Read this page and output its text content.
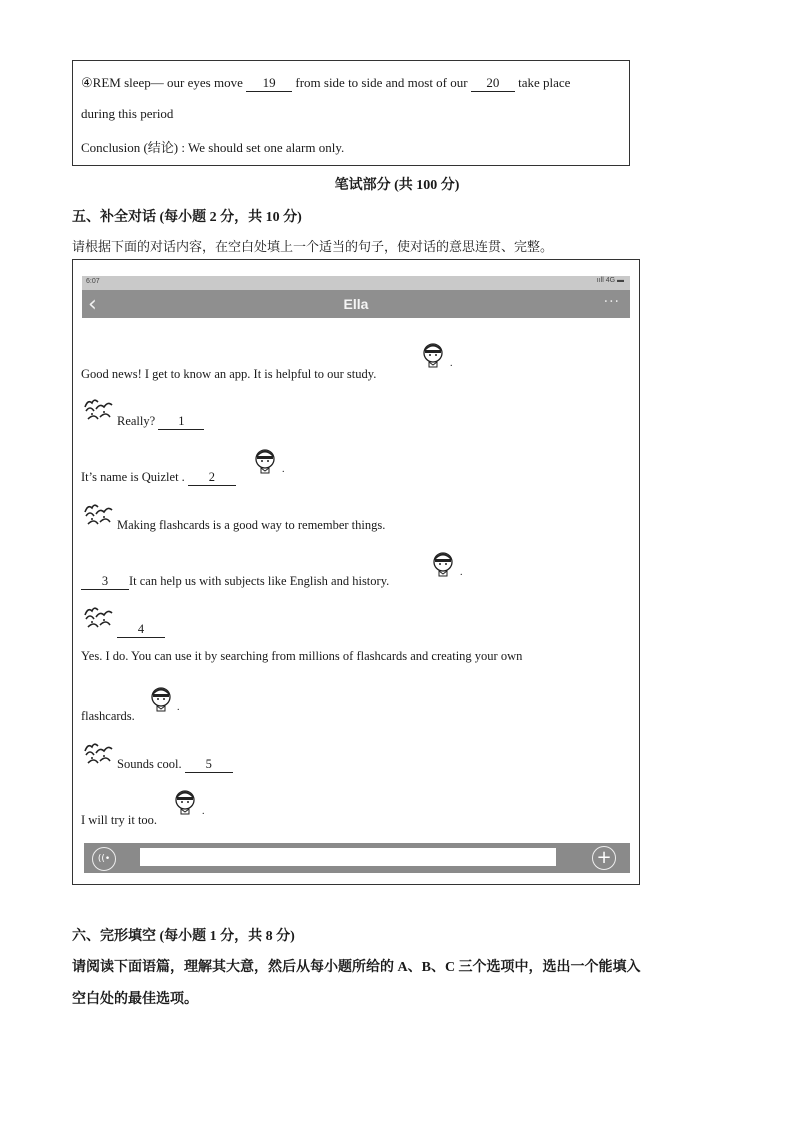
④REM sleep— our eyes move 19 from side to side and most of our 20 take place
during this period
Conclusion (结论) : We should set one alarm only.
笔试部分 (共 100 分)
五、补全对话 (每小题 2 分，共 10 分)
请根据下面的对话内容，在空白处填上一个适当的句子，使对话的意思连贯、完整。
6:07	ııll 4G ▬
‹	Ella	···
.
Good news! I get to know an app. It is helpful to our study.
Really? 1
.
It’s name is Quizlet . 2
Making flashcards is a good way to remember things.
.
3 It can help us with subjects like English and history.
4
Yes. I do. You can use it by searching from millions of flashcards and creating your own
.
flashcards.
Sounds cool. 5
.
I will try it too.
((•	+
六、完形填空 (每小题 1 分，共 8 分)
请阅读下面语篇，理解其大意，然后从每小题所给的 A、B、C 三个选项中，选出一个能填入
空白处的最佳选项。
